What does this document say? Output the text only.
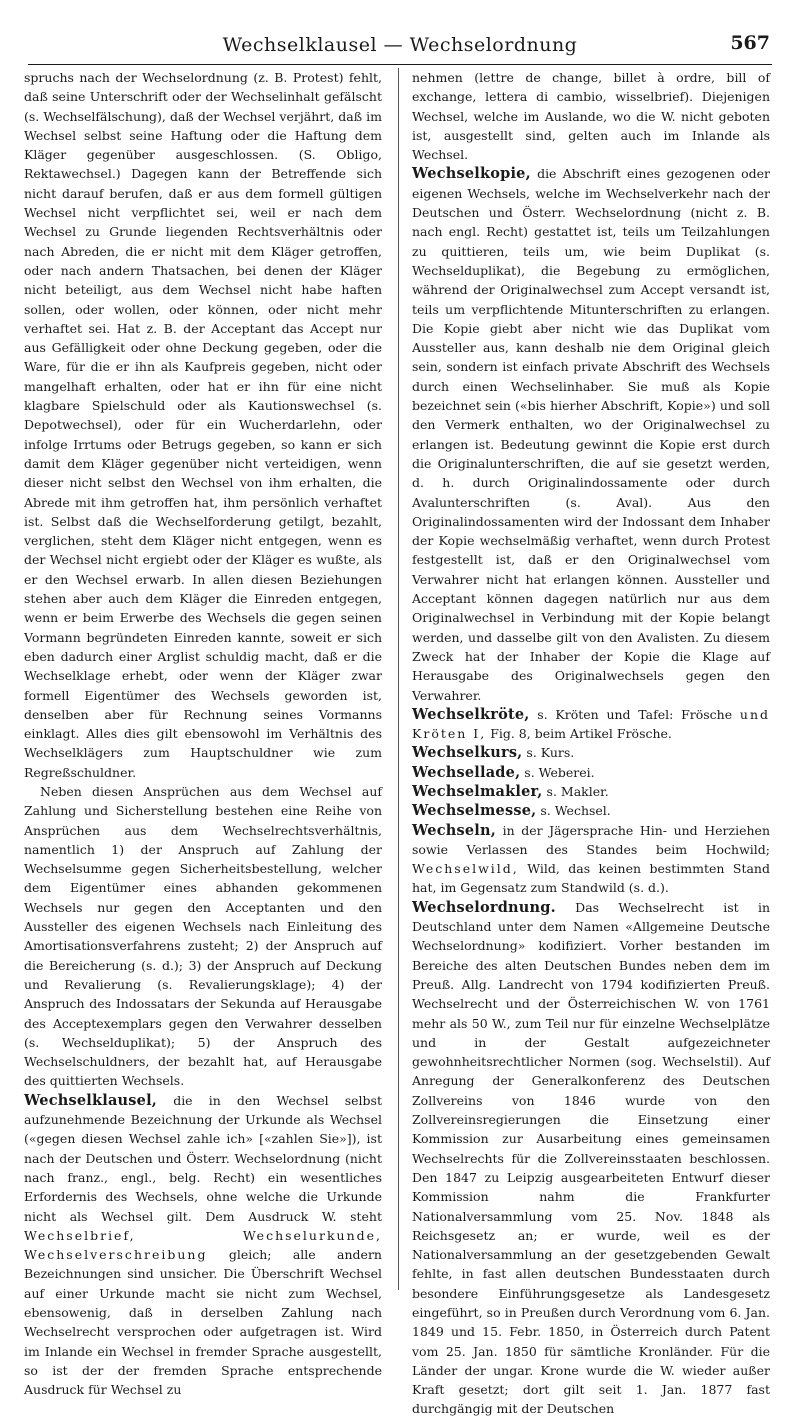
Wechselklausel — Wechselordnung	567

spruchs nach der Wechselordnung (z. B. Protest) fehlt, daß seine Unterschrift oder der Wechselinhalt gefälscht (s. Wechselfälschung), daß der Wechsel verjährt, daß im Wechsel selbst seine Haftung oder die Haftung dem Kläger gegenüber ausgeschlossen. (S. Obligo, Rektawechsel.) Dagegen kann der Betreffende sich nicht darauf berufen, daß er aus dem formell gültigen Wechsel nicht verpflichtet sei, weil er nach dem Wechsel zu Grunde liegenden Rechtsverhältnis oder nach Abreden, die er nicht mit dem Kläger getroffen, oder nach andern Thatsachen, bei denen der Kläger nicht beteiligt, aus dem Wechsel nicht habe haften sollen, oder wollen, oder können, oder nicht mehr verhaftet sei. Hat z. B. der Acceptant das Accept nur aus Gefälligkeit oder ohne Deckung gegeben, oder die Ware, für die er ihn als Kaufpreis gegeben, nicht oder mangelhaft erhalten, oder hat er ihn für eine nicht klagbare Spielschuld oder als Kautionswechsel (s. Depotwechsel), oder für ein Wucherdarlehn, oder infolge Irrtums oder Betrugs gegeben, so kann er sich damit dem Kläger gegenüber nicht verteidigen, wenn dieser nicht selbst den Wechsel von ihm erhalten, die Abrede mit ihm getroffen hat, ihm persönlich verhaftet ist. Selbst daß die Wechselforderung getilgt, bezahlt, verglichen, steht dem Kläger nicht entgegen, wenn es der Wechsel nicht ergiebt oder der Kläger es wußte, als er den Wechsel erwarb. In allen diesen Beziehungen stehen aber auch dem Kläger die Einreden entgegen, wenn er beim Erwerbe des Wechsels die gegen seinen Vormann begründeten Einreden kannte, soweit er sich eben dadurch einer Arglist schuldig macht, daß er die Wechselklage erhebt, oder wenn der Kläger zwar formell Eigentümer des Wechsels geworden ist, denselben aber für Rechnung seines Vormanns einklagt. Alles dies gilt ebensowohl im Verhältnis des Wechselklägers zum Hauptschuldner wie zum Regreßschuldner.

Neben diesen Ansprüchen aus dem Wechsel auf Zahlung und Sicherstellung bestehen eine Reihe von Ansprüchen aus dem Wechselrechtsverhältnis, namentlich 1) der Anspruch auf Zahlung der Wechselsumme gegen Sicherheitsbestellung, welcher dem Eigentümer eines abhanden gekommenen Wechsels nur gegen den Acceptanten und den Aussteller des eigenen Wechsels nach Einleitung des Amortisationsverfahrens zusteht; 2) der Anspruch auf die Bereicherung (s. d.); 3) der Anspruch auf Deckung und Revalierung (s. Revalierungsklage); 4) der Anspruch des Indossatars der Sekunda auf Herausgabe des Acceptexemplars gegen den Verwahrer desselben (s. Wechselduplikat); 5) der Anspruch des Wechselschuldners, der bezahlt hat, auf Herausgabe des quittierten Wechsels.

Wechselklausel, die in den Wechsel selbst aufzunehmende Bezeichnung der Urkunde als Wechsel («gegen diesen Wechsel zahle ich» [«zahlen Sie»]), ist nach der Deutschen und Österr. Wechselordnung (nicht nach franz., engl., belg. Recht) ein wesentliches Erfordernis des Wechsels, ohne welche die Urkunde nicht als Wechsel gilt. Dem Ausdruck W. steht Wechselbrief, Wechselurkunde, Wechselverschreibung gleich; alle andern Bezeichnungen sind unsicher. Die Überschrift Wechsel auf einer Urkunde macht sie nicht zum Wechsel, ebensowenig, daß in derselben Zahlung nach Wechselrecht versprochen oder aufgetragen ist. Wird im Inlande ein Wechsel in fremder Sprache ausgestellt, so ist der der fremden Sprache entsprechende Ausdruck für Wechsel zu

nehmen (lettre de change, billet à ordre, bill of exchange, lettera di cambio, wisselbrief). Diejenigen Wechsel, welche im Auslande, wo die W. nicht geboten ist, ausgestellt sind, gelten auch im Inlande als Wechsel.

Wechselkopie, die Abschrift eines gezogenen oder eigenen Wechsels, welche im Wechselverkehr nach der Deutschen und Österr. Wechselordnung (nicht z. B. nach engl. Recht) gestattet ist, teils um Teilzahlungen zu quittieren, teils um, wie beim Duplikat (s. Wechselduplikat), die Begebung zu ermöglichen, während der Originalwechsel zum Accept versandt ist, teils um verpflichtende Mitunterschriften zu erlangen. Die Kopie giebt aber nicht wie das Duplikat vom Aussteller aus, kann deshalb nie dem Original gleich sein, sondern ist einfach private Abschrift des Wechsels durch einen Wechselinhaber. Sie muß als Kopie bezeichnet sein («bis hierher Abschrift, Kopie») und soll den Vermerk enthalten, wo der Originalwechsel zu erlangen ist. Bedeutung gewinnt die Kopie erst durch die Originalunterschriften, die auf sie gesetzt werden, d. h. durch Originalindossamente oder durch Avalunterschriften (s. Aval). Aus den Originalindossamenten wird der Indossant dem Inhaber der Kopie wechselmäßig verhaftet, wenn durch Protest festgestellt ist, daß er den Originalwechsel vom Verwahrer nicht hat erlangen können. Aussteller und Acceptant können dagegen natürlich nur aus dem Originalwechsel in Verbindung mit der Kopie belangt werden, und dasselbe gilt von den Avalisten. Zu diesem Zweck hat der Inhaber der Kopie die Klage auf Herausgabe des Originalwechsels gegen den Verwahrer.

Wechselkröte, s. Kröten und Tafel: Frösche und Kröten I, Fig. 8, beim Artikel Frösche.

Wechselkurs, s. Kurs.

Wechsellade, s. Weberei.

Wechselmakler, s. Makler.

Wechselmesse, s. Wechsel.

Wechseln, in der Jägersprache Hin- und Herziehen sowie Verlassen des Standes beim Hochwild; Wechselwild, Wild, das keinen bestimmten Stand hat, im Gegensatz zum Standwild (s. d.).

Wechselordnung. Das Wechselrecht ist in Deutschland unter dem Namen «Allgemeine Deutsche Wechselordnung» kodifiziert. Vorher bestanden im Bereiche des alten Deutschen Bundes neben dem im Preuß. Allg. Landrecht von 1794 kodifizierten Preuß. Wechselrecht und der Österreichischen W. von 1761 mehr als 50 W., zum Teil nur für einzelne Wechselplätze und in der Gestalt aufgezeichneter gewohnheitsrechtlicher Normen (sog. Wechselstil). Auf Anregung der Generalkonferenz des Deutschen Zollvereins von 1846 wurde von den Zollvereinsregierungen die Einsetzung einer Kommission zur Ausarbeitung eines gemeinsamen Wechselrechts für die Zollvereinsstaaten beschlossen. Den 1847 zu Leipzig ausgearbeiteten Entwurf dieser Kommission nahm die Frankfurter Nationalversammlung vom 25. Nov. 1848 als Reichsgesetz an; er wurde, weil es der Nationalversammlung an der gesetzgebenden Gewalt fehlte, in fast allen deutschen Bundesstaaten durch besondere Einführungsgesetze als Landesgesetz eingeführt, so in Preußen durch Verordnung vom 6. Jan. 1849 und 15. Febr. 1850, in Österreich durch Patent vom 25. Jan. 1850 für sämtliche Kronländer. Für die Länder der ungar. Krone wurde die W. wieder außer Kraft gesetzt; dort gilt seit 1. Jan. 1877 fast durchgängig mit der Deutschen
